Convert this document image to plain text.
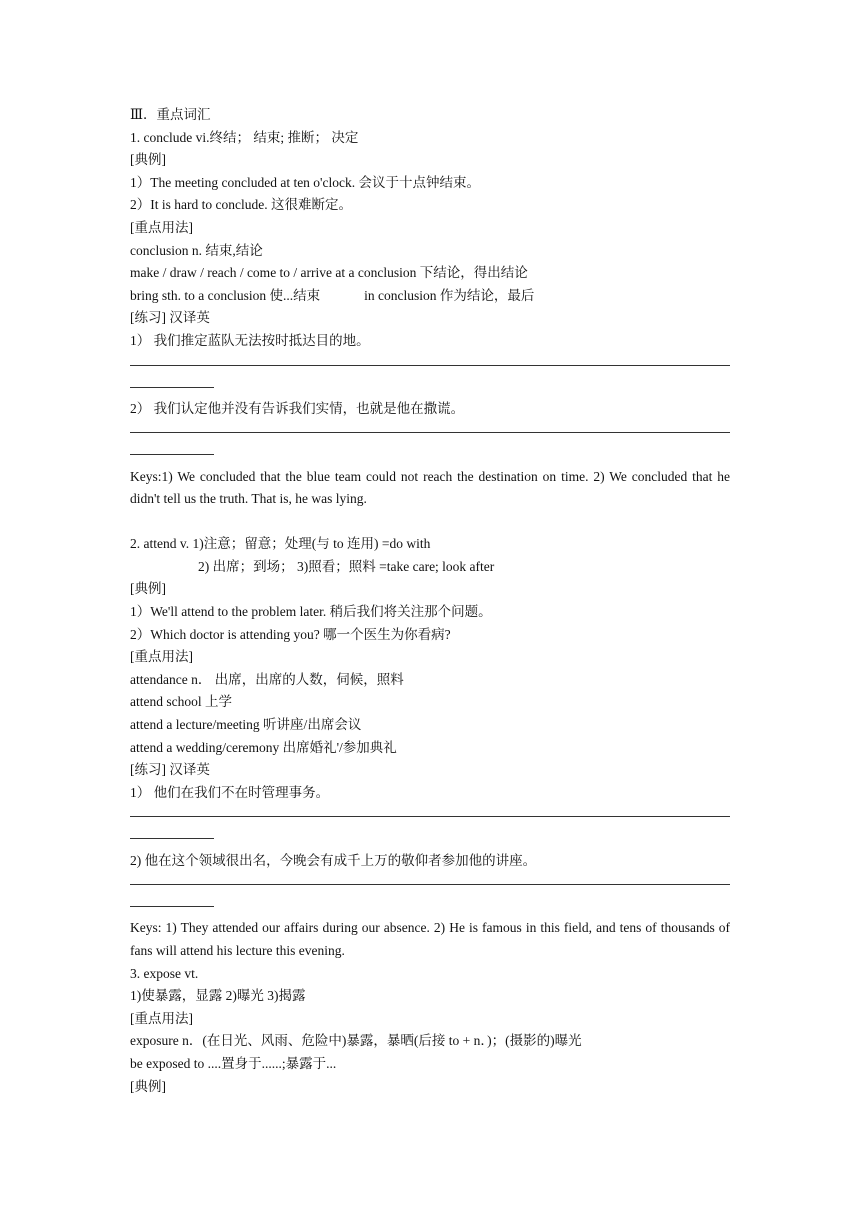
Ⅲ．重点词汇
1. conclude vi.终结； 结束; 推断； 决定
[典例]
1）The meeting concluded at ten o'clock. 会议于十点钟结束。
2）It is hard to conclude. 这很难断定。
[重点用法]
conclusion n. 结束,结论
make / draw / reach / come to / arrive at a conclusion 下结论，得出结论
bring sth. to a conclusion 使...结束	in conclusion 作为结论，最后
[练习] 汉译英
1） 我们推定蓝队无法按时抵达目的地。
2） 我们认定他并没有告诉我们实情，也就是他在撒谎。
Keys:1) We concluded that the blue team could not reach the destination on time. 2) We concluded that he didn't tell us the truth. That is, he was lying.
2. attend v. 1)注意；留意；处理(与 to 连用) =do with
2) 出席；到场； 3)照看；照料 =take care; look after
[典例]
1）We'll attend to the problem later. 稍后我们将关注那个问题。
2）Which doctor is attending you? 哪一个医生为你看病?
[重点用法]
attendance n． 出席，出席的人数，伺候，照料
attend school 上学
attend a lecture/meeting 听讲座/出席会议
attend a wedding/ceremony 出席婚礼'/参加典礼
[练习] 汉译英
1） 他们在我们不在时管理事务。
2) 他在这个领域很出名，今晚会有成千上万的敬仰者参加他的讲座。
Keys: 1) They attended our affairs during our absence. 2) He is famous in this field, and tens of thousands of fans will attend his lecture this evening.
3. expose vt.
1)使暴露，显露 2)曝光 3)揭露
[重点用法]
exposure n．(在日光、风雨、危险中)暴露，暴晒(后接 to + n．)；(摄影的)曝光
be exposed to ....置身于......;暴露于...
[典例]
